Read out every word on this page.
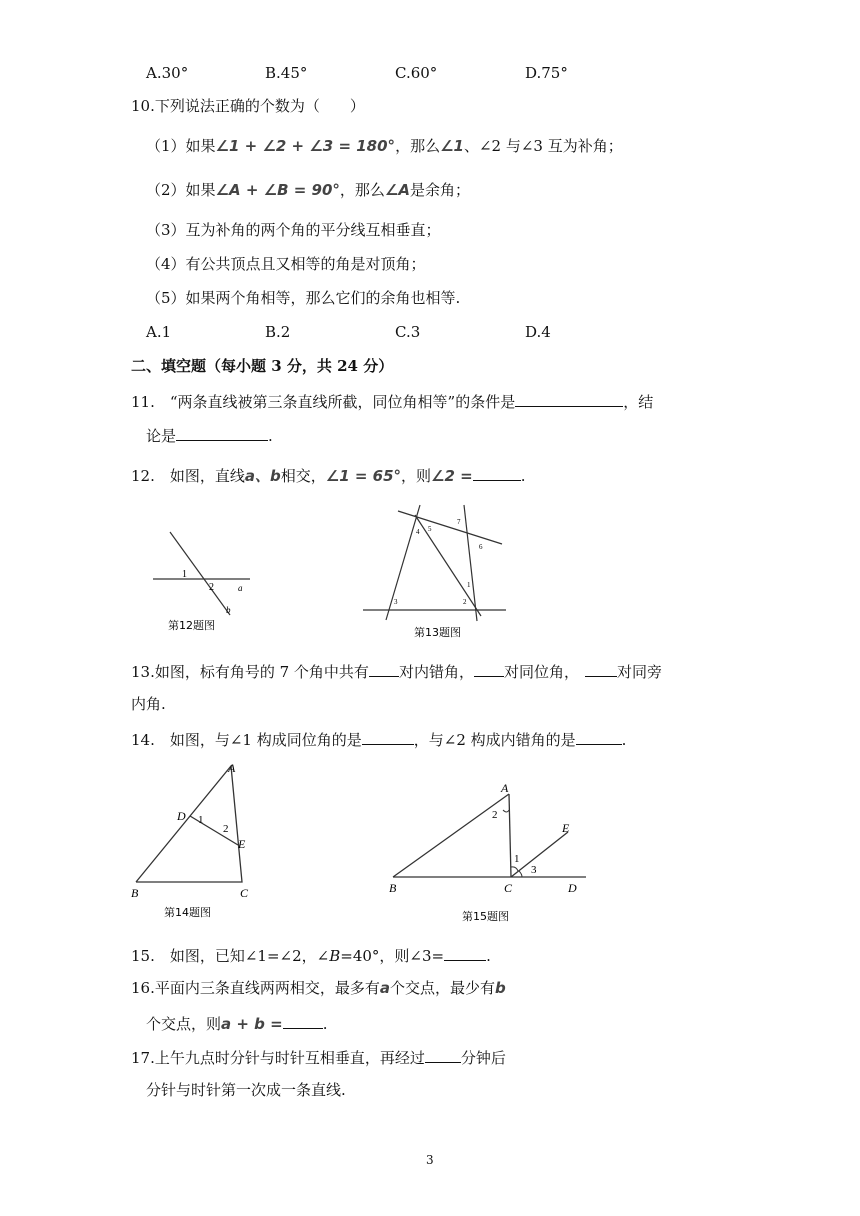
A.30°	B.45°	C.60°	D.75°
10.下列说法正确的个数为（　　）
（1）如果∠1 + ∠2 + ∠3 = 180°，那么∠1、∠2 与∠3 互为补角；
（2）如果∠A + ∠B = 90°，那么∠A是余角；
（3）互为补角的两个角的平分线互相垂直；
（4）有公共顶点且又相等的角是对顶角；
（5）如果两个角相等，那么它们的余角也相等.
A.1	B.2	C.3	D.4
二、填空题（每小题 3 分，共 24 分）
11.　“两条直线被第三条直线所截，同位角相等”的条件是	，结
论是	.
12.　如图，直线a、b相交，∠1 = 65°，则∠2 =	.
1
2	a
b
第12题图
1
2
3
4 5
6
7
第13题图
13.如图，标有角号的 7 个角中共有 对内错角， 对同位角，	对同旁
内角.
14.　如图，与∠1 构成同位角的是	，与∠2 构成内错角的是	.
A
B	C
D
E
1
2
第14题图
A
B	C	D
E
1
2
3
第15题图
15.　如图，已知∠1=∠2，∠B=40°，则∠3=	.
16.平面内三条直线两两相交，最多有a个交点，最少有b
个交点，则a + b =	.
17.上午九点时分针与时针互相垂直，再经过 分钟后
分针与时针第一次成一条直线.
3
